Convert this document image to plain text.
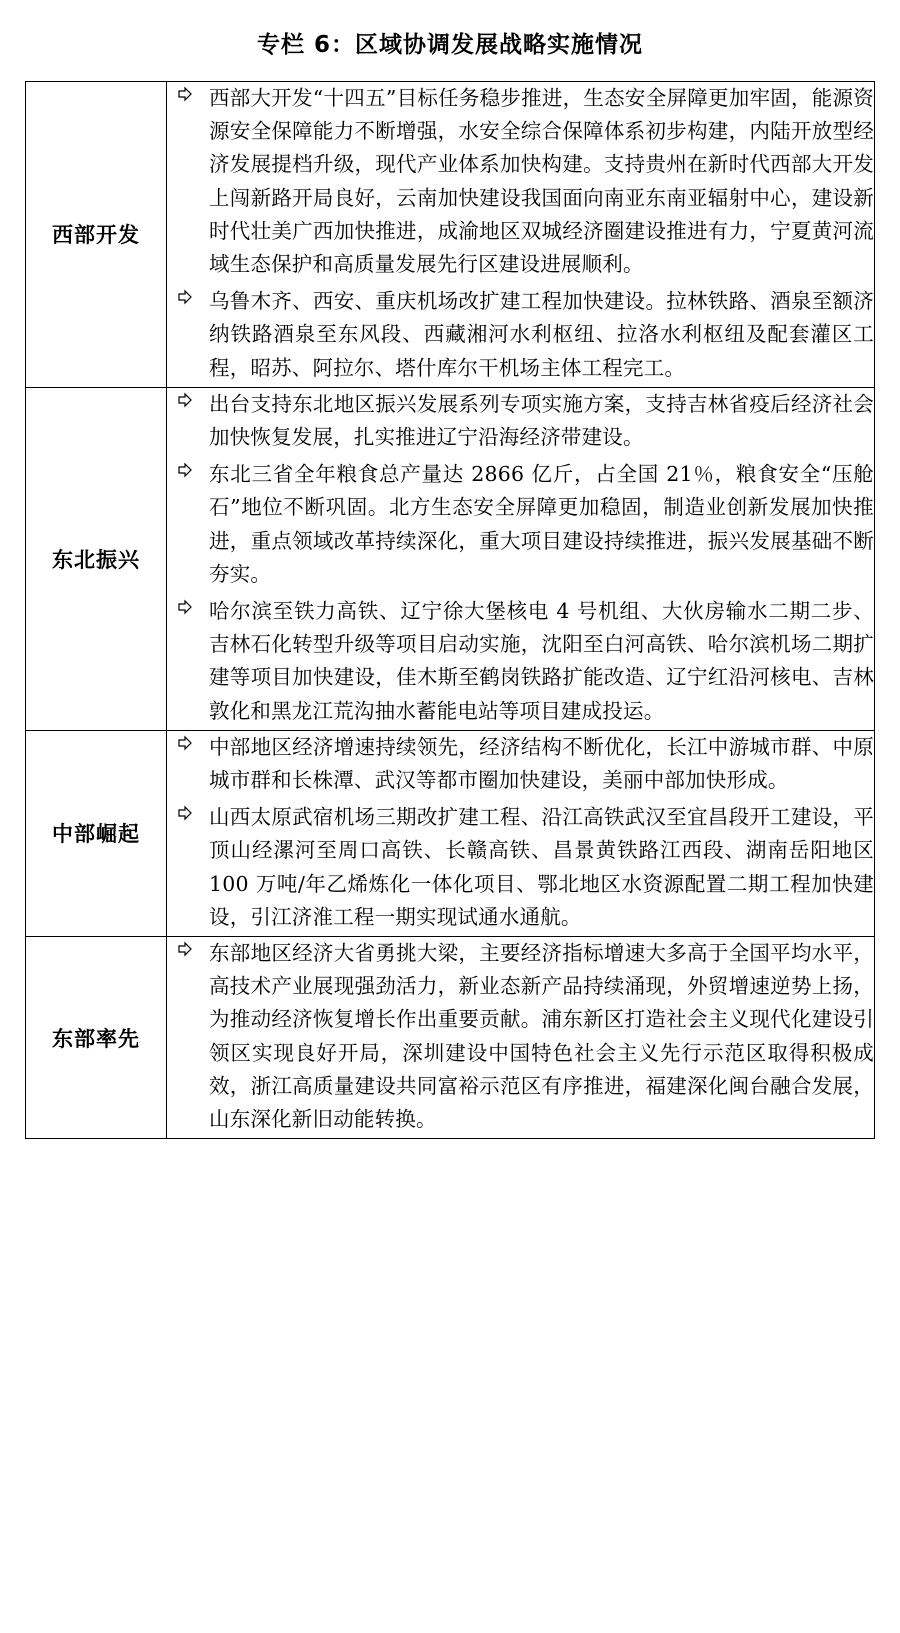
专栏 6：区域协调发展战略实施情况
西部开发	
西部大开发“十四五”目标任务稳步推进，生态安全屏障更加牢固，能源资源安全保障能力不断增强，水安全综合保障体系初步构建，内陆开放型经济发展提档升级，现代产业体系加快构建。支持贵州在新时代西部大开发上闯新路开局良好，云南加快建设我国面向南亚东南亚辐射中心，建设新时代壮美广西加快推进，成渝地区双城经济圈建设推进有力，宁夏黄河流域生态保护和高质量发展先行区建设进展顺利。
乌鲁木齐、西安、重庆机场改扩建工程加快建设。拉林铁路、酒泉至额济纳铁路酒泉至东风段、西藏湘河水利枢纽、拉洛水利枢纽及配套灌区工程，昭苏、阿拉尔、塔什库尔干机场主体工程完工。

东北振兴	
出台支持东北地区振兴发展系列专项实施方案，支持吉林省疫后经济社会加快恢复发展，扎实推进辽宁沿海经济带建设。
东北三省全年粮食总产量达 2866 亿斤，占全国 21％，粮食安全“压舱石”地位不断巩固。北方生态安全屏障更加稳固，制造业创新发展加快推进，重点领域改革持续深化，重大项目建设持续推进，振兴发展基础不断夯实。
哈尔滨至铁力高铁、辽宁徐大堡核电 4 号机组、大伙房输水二期二步、吉林石化转型升级等项目启动实施，沈阳至白河高铁、哈尔滨机场二期扩建等项目加快建设，佳木斯至鹤岗铁路扩能改造、辽宁红沿河核电、吉林敦化和黑龙江荒沟抽水蓄能电站等项目建成投运。

中部崛起	
中部地区经济增速持续领先，经济结构不断优化，长江中游城市群、中原城市群和长株潭、武汉等都市圈加快建设，美丽中部加快形成。
山西太原武宿机场三期改扩建工程、沿江高铁武汉至宜昌段开工建设，平顶山经漯河至周口高铁、长赣高铁、昌景黄铁路江西段、湖南岳阳地区 100 万吨/年乙烯炼化一体化项目、鄂北地区水资源配置二期工程加快建设，引江济淮工程一期实现试通水通航。

东部率先	
东部地区经济大省勇挑大梁，主要经济指标增速大多高于全国平均水平，高技术产业展现强劲活力，新业态新产品持续涌现，外贸增速逆势上扬，为推动经济恢复增长作出重要贡献。浦东新区打造社会主义现代化建设引领区实现良好开局，深圳建设中国特色社会主义先行示范区取得积极成效，浙江高质量建设共同富裕示范区有序推进，福建深化闽台融合发展，山东深化新旧动能转换。
